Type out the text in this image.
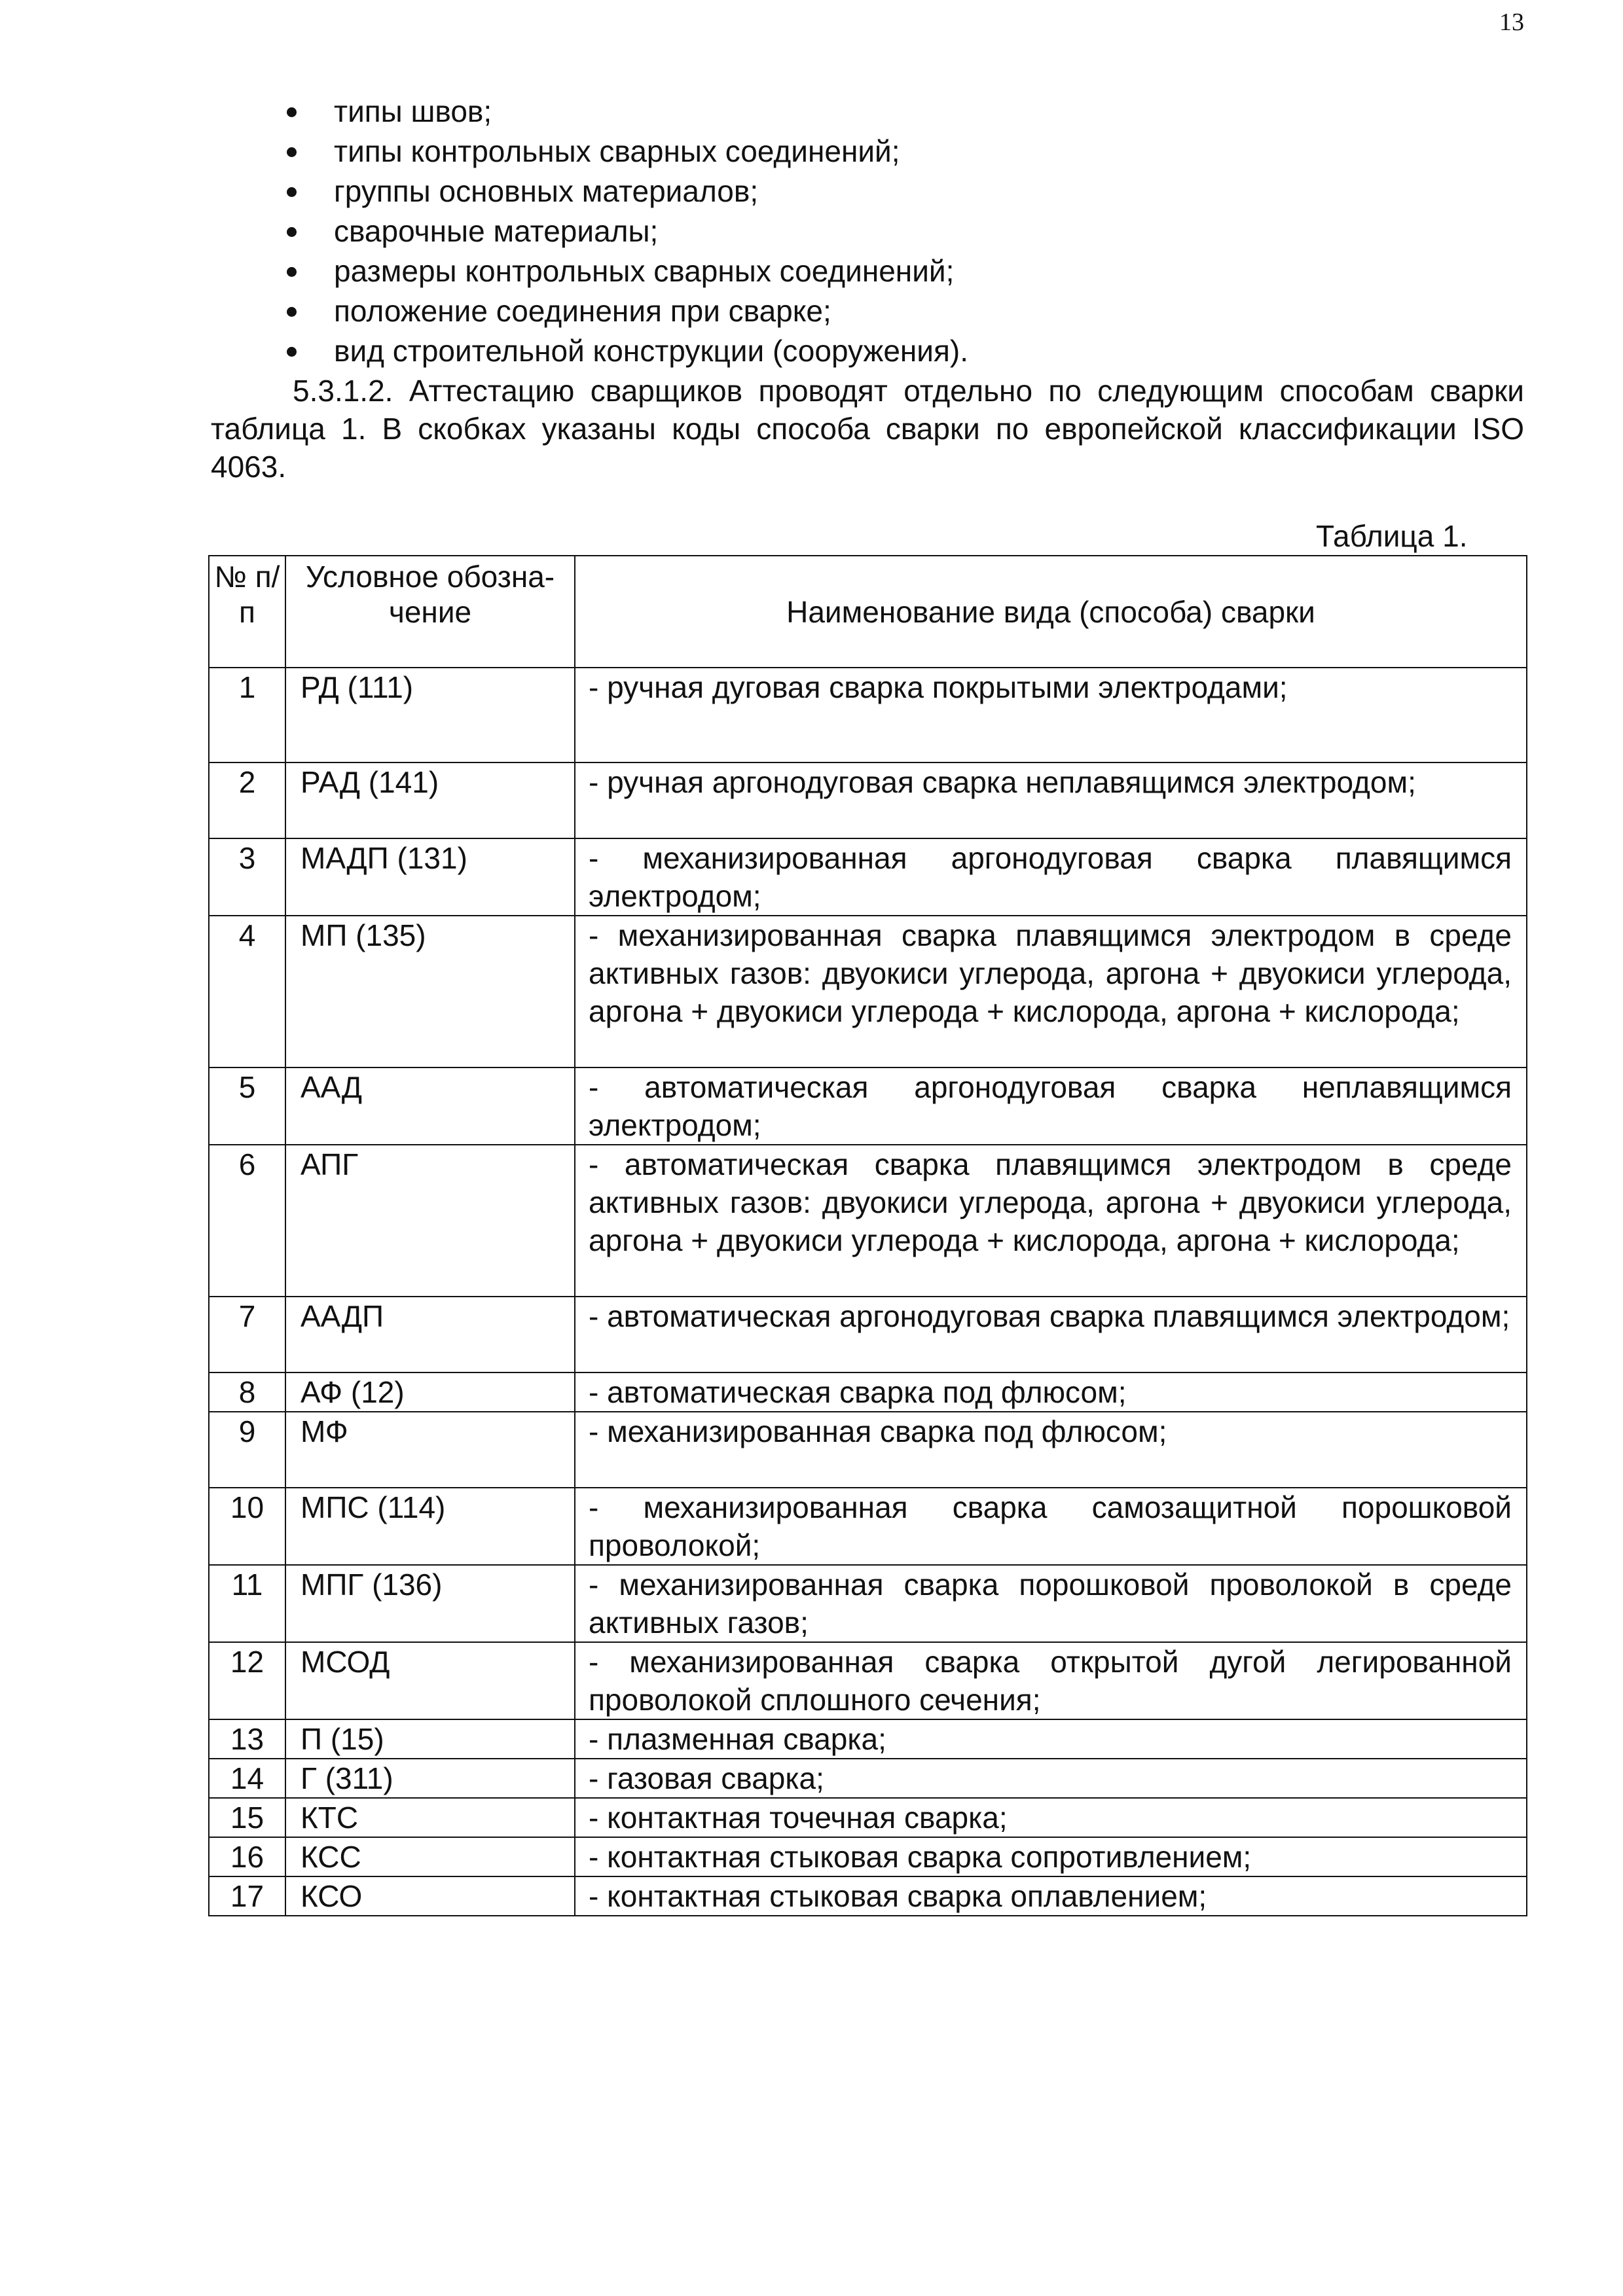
13
типы швов;
типы контрольных сварных соединений;
группы основных материалов;
сварочные материалы;
размеры контрольных сварных соединений;
положение соединения при сварке;
вид строительной конструкции (сооружения).

5.3.1.2. Аттестацию сварщиков проводят отдельно по следующим способам сварки таблица 1. В скобках указаны коды способа сварки по европейской классификации ISO 4063.

Таблица 1.
№ п/п	Условное обозна-чение	Наименование вида (способа) сварки
1	РД (111)	- ручная дуговая сварка покрытыми электродами;
2	РАД (141)	- ручная аргонодуговая сварка неплавящимся электродом;
3	МАДП (131)	- механизированная аргонодуговая сварка плавящимся электродом;
4	МП (135)	- механизированная сварка плавящимся электродом в среде активных газов: двуокиси углерода, аргона + двуокиси углерода, аргона + двуокиси углерода + кислорода, аргона + кислорода;
5	ААД	- автоматическая аргонодуговая сварка неплавящимся электродом;
6	АПГ	- автоматическая сварка плавящимся электродом в среде активных газов: двуокиси углерода, аргона + двуокиси углерода, аргона + двуокиси углерода + кислорода, аргона + кислорода;
7	ААДП	- автоматическая аргонодуговая сварка плавящимся электродом;
8	АФ (12)	- автоматическая сварка под флюсом;
9	МФ	- механизированная сварка под флюсом;
10	МПС (114)	- механизированная сварка самозащитной порошковой проволокой;
11	МПГ (136)	- механизированная сварка порошковой проволокой в среде активных газов;
12	МСОД	- механизированная сварка открытой дугой легированной проволокой сплошного сечения;
13	П (15)	- плазменная сварка;
14	Г (311)	- газовая сварка;
15	КТС	- контактная точечная сварка;
16	КСС	- контактная стыковая сварка сопротивлением;
17	КСО	- контактная стыковая сварка оплавлением;
